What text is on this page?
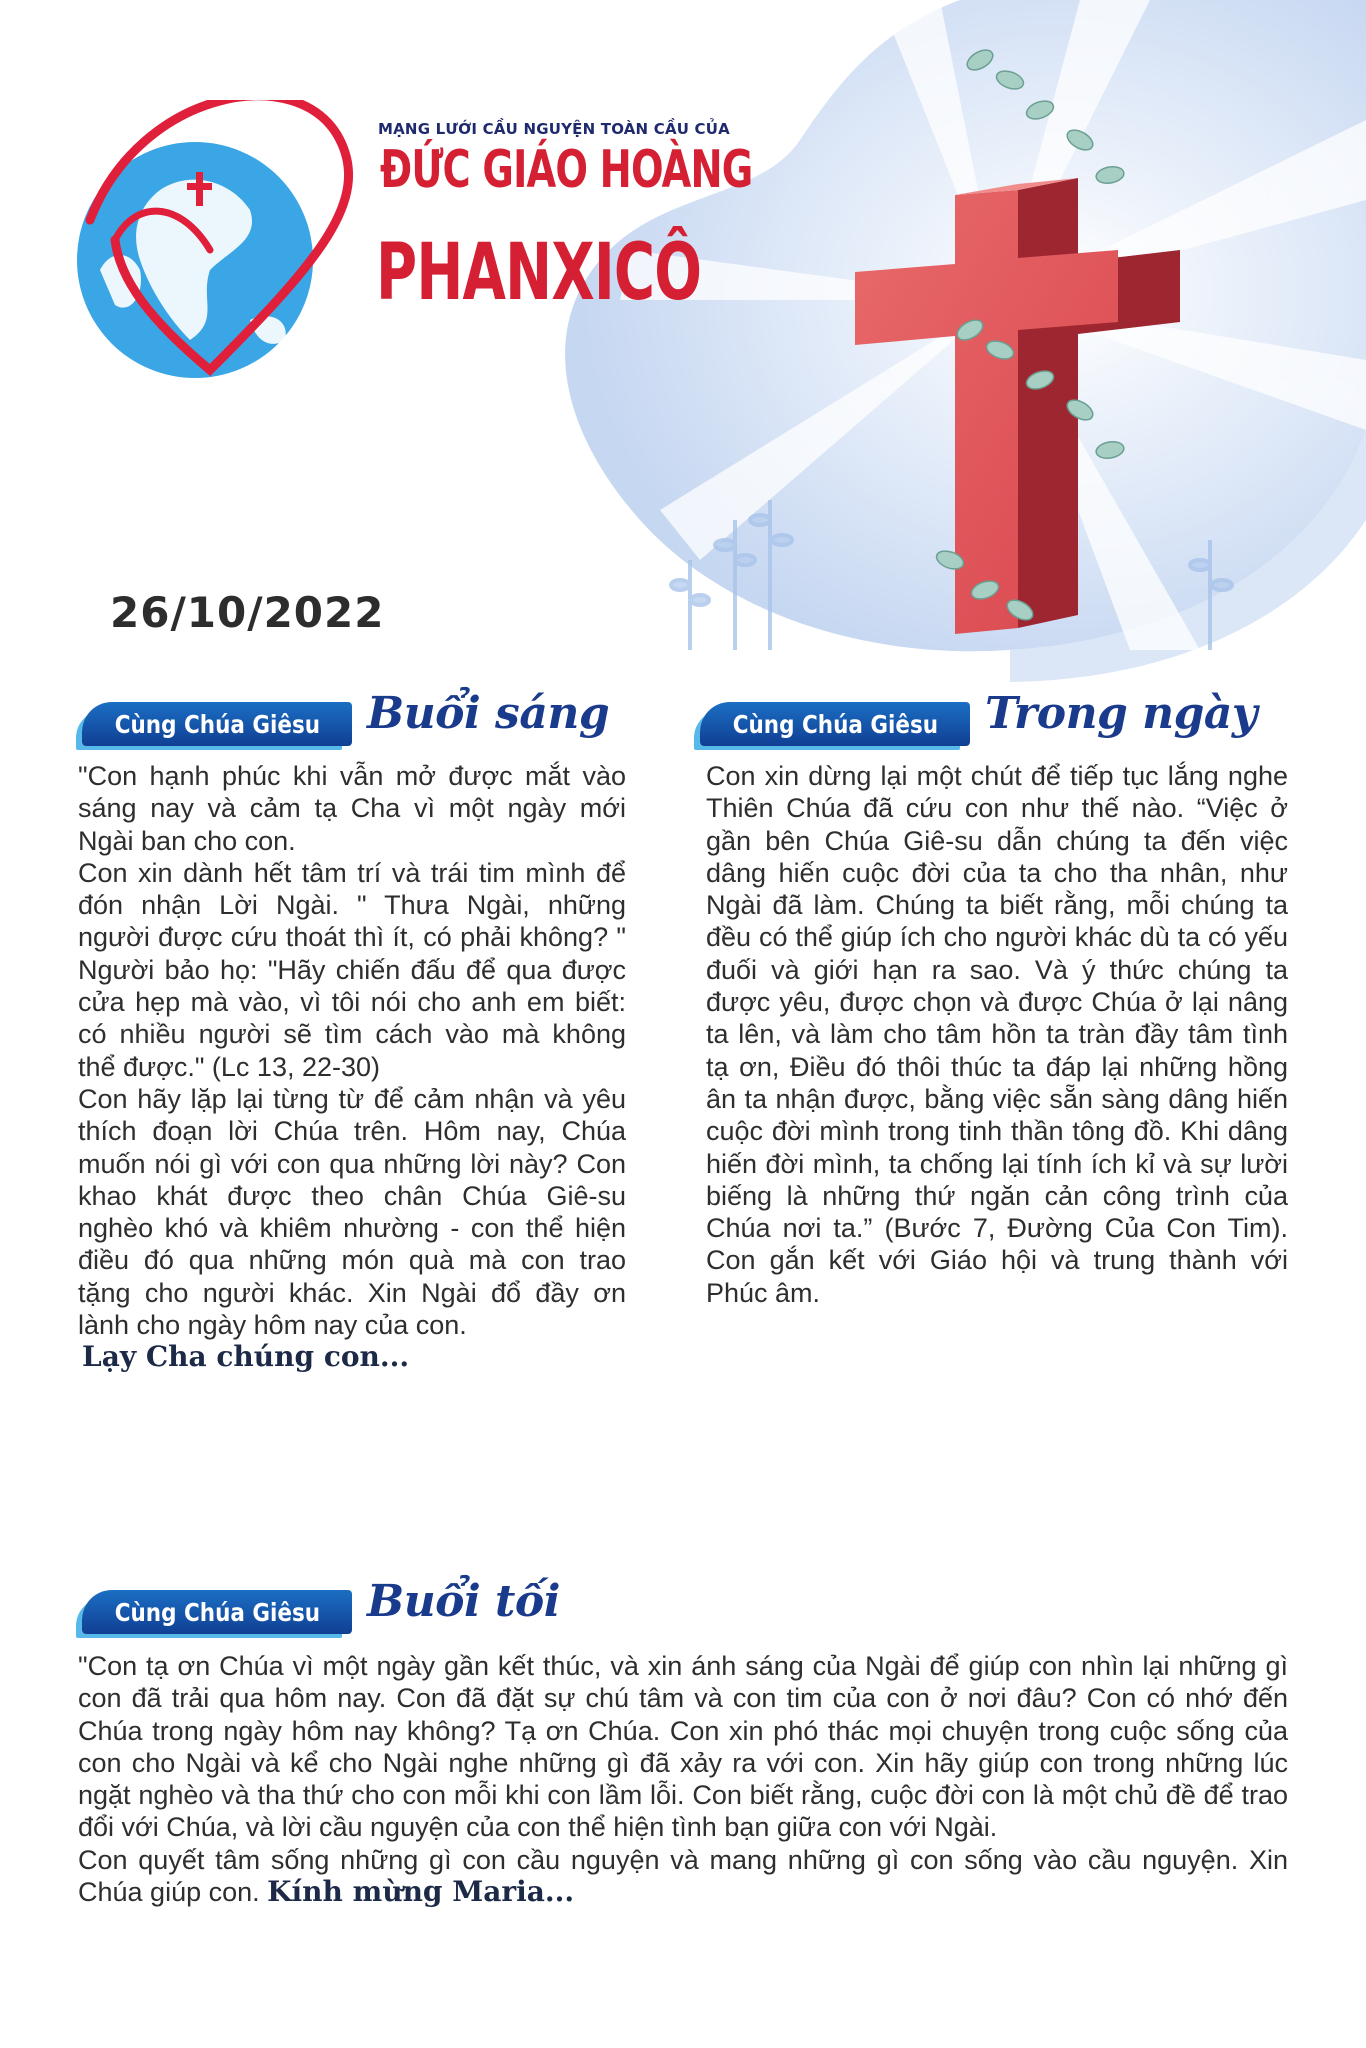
MẠNG LƯỚI CẦU NGUYỆN TOÀN CẦU CỦA
ĐỨC GIÁO HOÀNG
PHANXICÔ
26/10/2022
Cùng Chúa Giêsu Buổi sáng
"Con hạnh phúc khi vẫn mở được mắt vào sáng nay và cảm tạ Cha vì một ngày mới Ngài ban cho con.
Con xin dành hết tâm trí và trái tim mình để đón nhận Lời Ngài. " Thưa Ngài, những người được cứu thoát thì ít, có phải không? " Người bảo họ: "Hãy chiến đấu để qua được cửa hẹp mà vào, vì tôi nói cho anh em biết: có nhiều người sẽ tìm cách vào mà không thể được." (Lc 13, 22-30)
Con hãy lặp lại từng từ để cảm nhận và yêu thích đoạn lời Chúa trên. Hôm nay, Chúa muốn nói gì với con qua những lời này? Con khao khát được theo chân Chúa Giê-su nghèo khó và khiêm nhường - con thể hiện điều đó qua những món quà mà con trao tặng cho người khác. Xin Ngài đổ đầy ơn lành cho ngày hôm nay của con.
Lạy Cha chúng con...
Cùng Chúa Giêsu Trong ngày
Con xin dừng lại một chút để tiếp tục lắng nghe Thiên Chúa đã cứu con như thế nào. “Việc ở gần bên Chúa Giê-su dẫn chúng ta đến việc dâng hiến cuộc đời của ta cho tha nhân, như Ngài đã làm. Chúng ta biết rằng, mỗi chúng ta đều có thể giúp ích cho người khác dù ta có yếu đuối và giới hạn ra sao. Và ý thức chúng ta được yêu, được chọn và được Chúa ở lại nâng ta lên, và làm cho tâm hồn ta tràn đầy tâm tình tạ ơn, Điều đó thôi thúc ta đáp lại những hồng ân ta nhận được, bằng việc sẵn sàng dâng hiến cuộc đời mình trong tinh thần tông đồ. Khi dâng hiến đời mình, ta chống lại tính ích kỉ và sự lười biếng là những thứ ngăn cản công trình của Chúa nơi ta.” (Bước 7, Đường Của Con Tim). Con gắn kết với Giáo hội và trung thành với Phúc âm.
Cùng Chúa Giêsu Buổi tối
"Con tạ ơn Chúa vì một ngày gần kết thúc, và xin ánh sáng của Ngài để giúp con nhìn lại những gì con đã trải qua hôm nay. Con đã đặt sự chú tâm và con tim của con ở nơi đâu? Con có nhớ đến Chúa trong ngày hôm nay không? Tạ ơn Chúa. Con xin phó thác mọi chuyện trong cuộc sống của con cho Ngài và kể cho Ngài nghe những gì đã xảy ra với con. Xin hãy giúp con trong những lúc ngặt nghèo và tha thứ cho con mỗi khi con lầm lỗi. Con biết rằng, cuộc đời con là một chủ đề để trao đổi với Chúa, và lời cầu nguyện của con thể hiện tình bạn giữa con với Ngài.
Con quyết tâm sống những gì con cầu nguyện và mang những gì con sống vào cầu nguyện. Xin Chúa giúp con. Kính mừng Maria...
